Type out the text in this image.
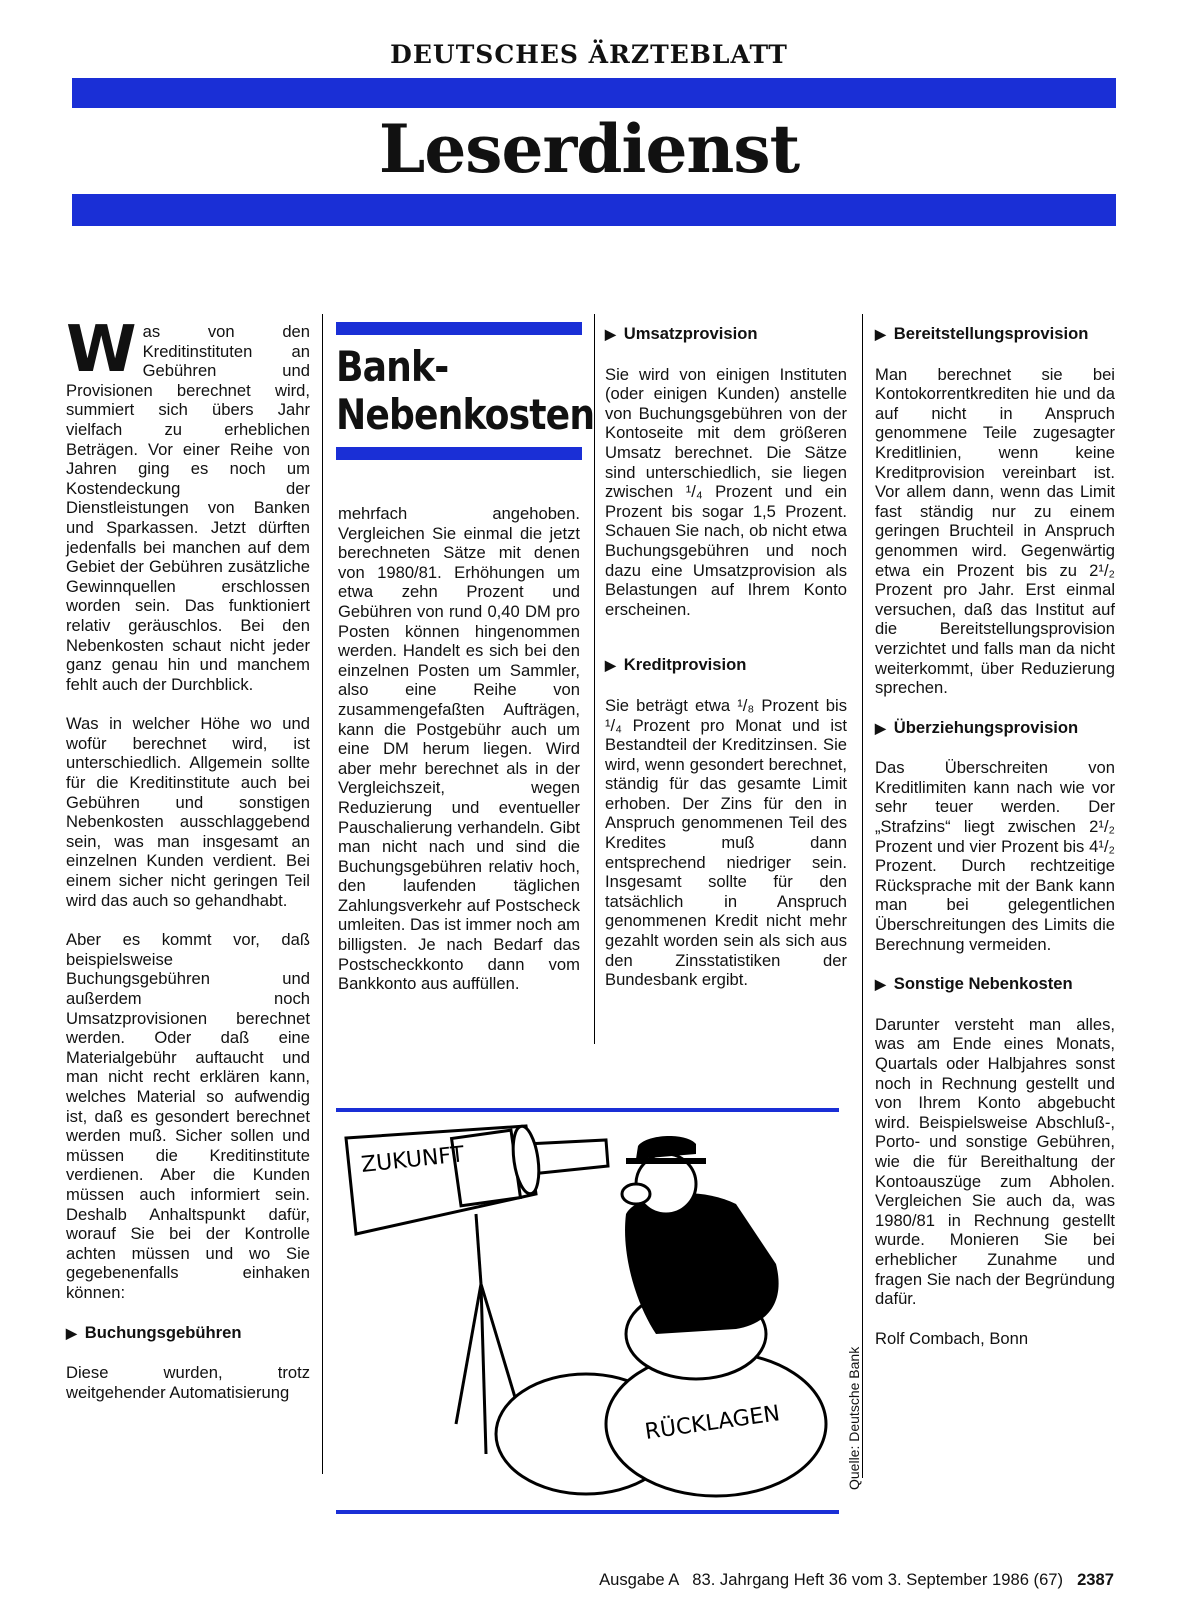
DEUTSCHES ÄRZTEBLATT
Leserdienst

Was von den Kreditinstituten an Gebühren und Provisionen berechnet wird, summiert sich übers Jahr vielfach zu erheblichen Beträgen. Vor einer Reihe von Jahren ging es noch um Kostendeckung der Dienstleistungen von Banken und Sparkassen. Jetzt dürften jedenfalls bei manchen auf dem Gebiet der Gebühren zusätzliche Gewinnquellen erschlossen worden sein. Das funktioniert relativ geräuschlos. Bei den Nebenkosten schaut nicht jeder ganz genau hin und manchem fehlt auch der Durchblick.

Was in welcher Höhe wo und wofür berechnet wird, ist unterschiedlich. Allgemein sollte für die Kreditinstitute auch bei Gebühren und sonstigen Nebenkosten ausschlaggebend sein, was man insgesamt an einzelnen Kunden verdient. Bei einem sicher nicht geringen Teil wird das auch so gehandhabt.

Aber es kommt vor, daß beispielsweise Buchungsgebühren und außerdem noch Umsatzprovisionen berechnet werden. Oder daß eine Materialgebühr auftaucht und man nicht recht erklären kann, welches Material so aufwendig ist, daß es gesondert berechnet werden muß. Sicher sollen und müssen die Kreditinstitute verdienen. Aber die Kunden müssen auch informiert sein. Deshalb Anhaltspunkt dafür, worauf Sie bei der Kontrolle achten müssen und wo Sie gegebenenfalls einhaken können:

▶ Buchungsgebühren

Diese wurden, trotz weitgehender Automatisierung

Bank-
Nebenkosten

mehrfach angehoben. Vergleichen Sie einmal die jetzt berechneten Sätze mit denen von 1980/81. Erhöhungen um etwa zehn Prozent und Gebühren von rund 0,40 DM pro Posten können hingenommen werden. Handelt es sich bei den einzelnen Posten um Sammler, also eine Reihe von zusammengefaßten Aufträgen, kann die Postgebühr auch um eine DM herum liegen. Wird aber mehr berechnet als in der Vergleichszeit, wegen Reduzierung und eventueller Pauschalierung verhandeln. Gibt man nicht nach und sind die Buchungsgebühren relativ hoch, den laufenden täglichen Zahlungsverkehr auf Postscheck umleiten. Das ist immer noch am billigsten. Je nach Bedarf das Postscheckkonto dann vom Bankkonto aus auffüllen.

▶ Umsatzprovision

Sie wird von einigen Instituten (oder einigen Kunden) anstelle von Buchungsgebühren von der Kontoseite mit dem größeren Umsatz berechnet. Die Sätze sind unterschiedlich, sie liegen zwischen ¹/₄ Prozent und ein Prozent bis sogar 1,5 Prozent. Schauen Sie nach, ob nicht etwa Buchungsgebühren und noch dazu eine Umsatzprovision als Belastungen auf Ihrem Konto erscheinen.

▶ Kreditprovision

Sie beträgt etwa ¹/₈ Prozent bis ¹/₄ Prozent pro Monat und ist Bestandteil der Kreditzinsen. Sie wird, wenn gesondert berechnet, ständig für das gesamte Limit erhoben. Der Zins für den in Anspruch genommenen Teil des Kredites muß dann entsprechend niedriger sein. Insgesamt sollte für den tatsächlich in Anspruch genommenen Kredit nicht mehr gezahlt worden sein als sich aus den Zinsstatistiken der Bundesbank ergibt.

▶ Bereitstellungsprovision

Man berechnet sie bei Kontokorrentkrediten hie und da auf nicht in Anspruch genommene Teile zugesagter Kreditlinien, wenn keine Kreditprovision vereinbart ist. Vor allem dann, wenn das Limit fast ständig nur zu einem geringen Bruchteil in Anspruch genommen wird. Gegenwärtig etwa ein Prozent bis zu 2¹/₂ Prozent pro Jahr. Erst einmal versuchen, daß das Institut auf die Bereitstellungsprovision verzichtet und falls man da nicht weiterkommt, über Reduzierung sprechen.

▶ Überziehungsprovision

Das Überschreiten von Kreditlimiten kann nach wie vor sehr teuer werden. Der „Strafzins“ liegt zwischen 2¹/₂ Prozent und vier Prozent bis 4¹/₂ Prozent. Durch rechtzeitige Rücksprache mit der Bank kann man bei gelegentlichen Überschreitungen des Limits die Berechnung vermeiden.

▶ Sonstige Nebenkosten

Darunter versteht man alles, was am Ende eines Monats, Quartals oder Halbjahres sonst noch in Rechnung gestellt und von Ihrem Konto abgebucht wird. Beispielsweise Abschluß-, Porto- und sonstige Gebühren, wie die für Bereithaltung der Kontoauszüge zum Abholen. Vergleichen Sie auch da, was 1980/81 in Rechnung gestellt wurde. Monieren Sie bei erheblicher Zunahme und fragen Sie nach der Begründung dafür.

Rolf Combach, Bonn
ZUKUNFT
RÜCKLAGEN	Quelle: Deutsche Bank
Ausgabe A   83. Jahrgang Heft 36 vom 3. September 1986 (67) 2387
